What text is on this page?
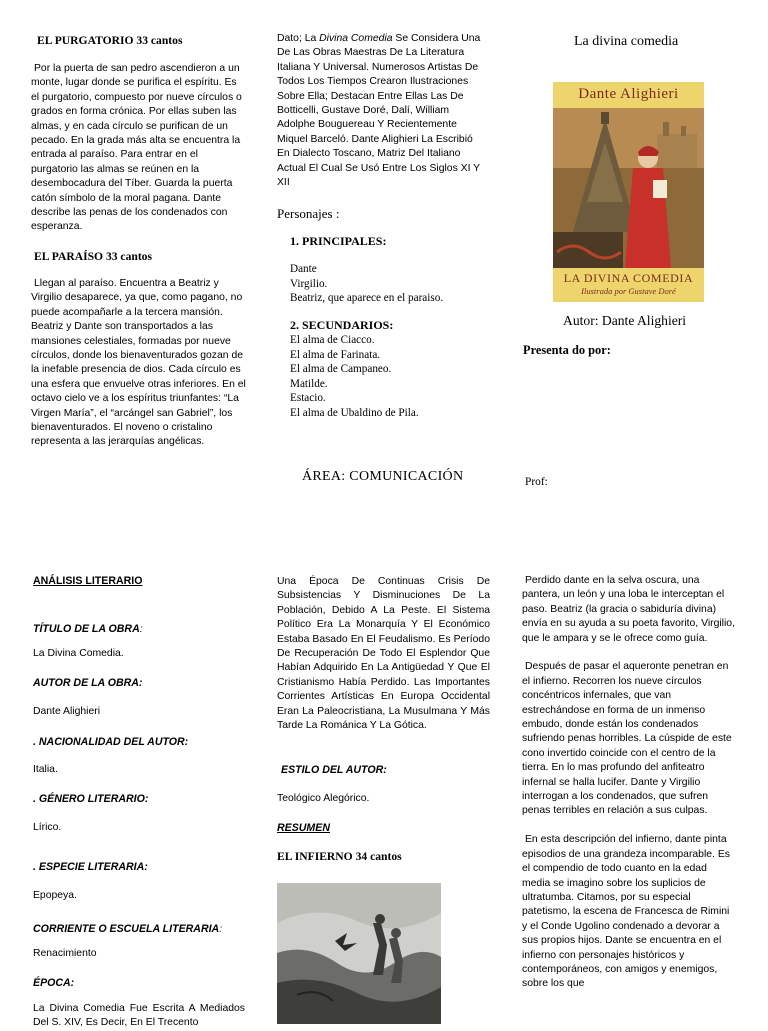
EL PURGATORIO 33 cantos

Por la puerta de san pedro ascendieron a un monte, lugar donde se purifica el espíritu. Es el purgatorio, compuesto por nueve círculos o grados en forma crónica. Por ellas suben las almas, y en cada círculo se purifican de un pecado. En la grada más alta se encuentra la entrada al paraíso. Para entrar en el purgatorio las almas se reúnen en la desembocadura del Tíber. Guarda la puerta catón símbolo de la moral pagana. Dante describe las penas de los condenados con esperanza.

EL PARAÍSO 33 cantos

Llegan al paraíso. Encuentra a Beatriz y Virgilio desaparece, ya que, como pagano, no puede acompañarle a la tercera mansión. Beatriz y Dante son transportados a las mansiones celestiales, formadas por nueve círculos, donde los bienaventurados gozan de la inefable presencia de dios. Cada círculo es una esfera que envuelve otras inferiores. En el octavo cielo ve a los espíritus triunfantes: “La Virgen María”, el “arcángel san Gabriel”, los bienaventurados. El noveno o cristalino representa a las jerarquías angélicas.

Dato; La Divina Comedia Se Considera Una De Las Obras Maestras De La Literatura Italiana Y Universal. Numerosos Artistas De Todos Los Tiempos Crearon Ilustraciones Sobre Ella; Destacan Entre Ellas Las De Botticelli, Gustave Doré, Dalí, William Adolphe Bouguereau Y Recientemente Miquel Barceló. Dante Alighieri La Escribió En Dialecto Toscano, Matriz Del Italiano Actual El Cual Se Usó Entre Los Siglos XI Y XII

Personajes :
1. PRINCIPALES:
Dante
Virgilio.
Beatriz, que aparece en el paraiso.
2. SECUNDARIOS:
El alma de Ciacco.
El alma de Farinata.
El alma de Campaneo.
Matilde.
Estacio.
El alma de Ubaldino de Pila.
ÁREA: COMUNICACIÓN
La divina comedia
Dante Alighieri
LA DIVINA COMEDIA
Ilustrada por Gustave Doré
Autor: Dante Alighieri
Presenta do por:
Prof:
ANÁLISIS LITERARIO
TÍTULO DE LA OBRA:
La Divina Comedia.
AUTOR DE LA OBRA:
Dante Alighieri
. NACIONALIDAD DEL AUTOR:
Italia.
. GÉNERO LITERARIO:
Lírico.
. ESPECIE LITERARIA:
Epopeya.
CORRIENTE O ESCUELA LITERARIA:
Renacimiento
ÉPOCA:

La Divina Comedia Fue Escrita A Mediados Del S. XIV, Es Decir, En El Trecento

Una Época De Continuas Crisis De Subsistencias Y Disminuciones De La Población, Debido A La Peste. El Sistema Político Era La Monarquía Y El Económico Estaba Basado En El Feudalismo. Es Período De Recuperación De Todo El Esplendor Que Habían Adquirido En La Antigüedad Y Que El Cristianismo Había Perdido. Las Importantes Corrientes Artísticas En Europa Occidental Eran La Paleocristiana, La Musulmana Y Más Tarde La Románica Y La Gótica.

ESTILO DEL AUTOR:
Teológico Alegórico.
RESUMEN
EL INFIERNO 34 cantos

Perdido dante en la selva oscura, una pantera, un león y una loba le interceptan el paso. Beatriz (la gracia o sabiduría divina) envía en su ayuda a su poeta favorito, Virgilio, que le ampara y se le ofrece como guía.

Después de pasar el aqueronte penetran en el infierno. Recorren los nueve círculos concéntricos infernales, que van estrechándose en forma de un inmenso embudo, donde están los condenados sufriendo penas horribles. La cúspide de este cono invertido coincide con el centro de la tierra. En lo mas profundo del anfiteatro infernal se halla lucifer. Dante y Virgilio interrogan a los condenados, que sufren penas terribles en relación a sus culpas.

En esta descripción del infierno, dante pinta episodios de una grandeza incomparable. Es el compendio de todo cuanto en la edad media se imagino sobre los suplicios de ultratumba. Citamos, por su especial patetismo, la escena de Francesca de Rimini y el Conde Ugolino condenado a devorar a sus propios hijos. Dante se encuentra en el infierno con personajes históricos y contemporáneos, con amigos y enemigos, sobre los que
